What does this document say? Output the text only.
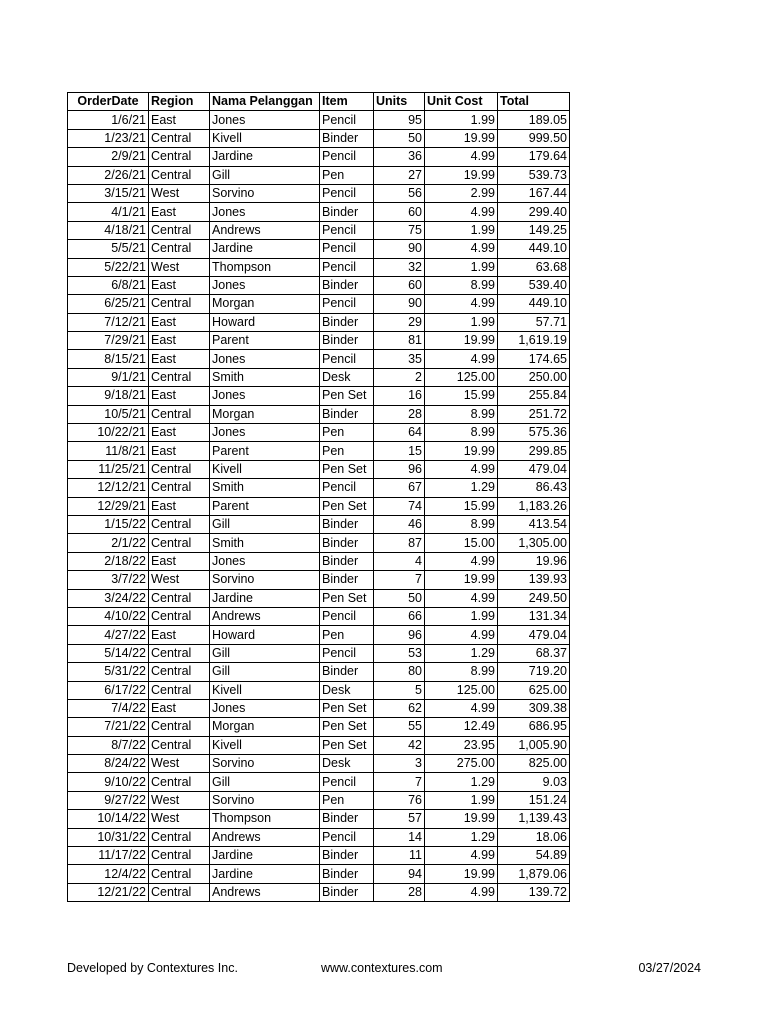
OrderDate	Region	Nama Pelanggan	Item	Units	Unit Cost	Total
1/6/21	East	Jones	Pencil	95	1.99	189.05
1/23/21	Central	Kivell	Binder	50	19.99	999.50
2/9/21	Central	Jardine	Pencil	36	4.99	179.64
2/26/21	Central	Gill	Pen	27	19.99	539.73
3/15/21	West	Sorvino	Pencil	56	2.99	167.44
4/1/21	East	Jones	Binder	60	4.99	299.40
4/18/21	Central	Andrews	Pencil	75	1.99	149.25
5/5/21	Central	Jardine	Pencil	90	4.99	449.10
5/22/21	West	Thompson	Pencil	32	1.99	63.68
6/8/21	East	Jones	Binder	60	8.99	539.40
6/25/21	Central	Morgan	Pencil	90	4.99	449.10
7/12/21	East	Howard	Binder	29	1.99	57.71
7/29/21	East	Parent	Binder	81	19.99	1,619.19
8/15/21	East	Jones	Pencil	35	4.99	174.65
9/1/21	Central	Smith	Desk	2	125.00	250.00
9/18/21	East	Jones	Pen Set	16	15.99	255.84
10/5/21	Central	Morgan	Binder	28	8.99	251.72
10/22/21	East	Jones	Pen	64	8.99	575.36
11/8/21	East	Parent	Pen	15	19.99	299.85
11/25/21	Central	Kivell	Pen Set	96	4.99	479.04
12/12/21	Central	Smith	Pencil	67	1.29	86.43
12/29/21	East	Parent	Pen Set	74	15.99	1,183.26
1/15/22	Central	Gill	Binder	46	8.99	413.54
2/1/22	Central	Smith	Binder	87	15.00	1,305.00
2/18/22	East	Jones	Binder	4	4.99	19.96
3/7/22	West	Sorvino	Binder	7	19.99	139.93
3/24/22	Central	Jardine	Pen Set	50	4.99	249.50
4/10/22	Central	Andrews	Pencil	66	1.99	131.34
4/27/22	East	Howard	Pen	96	4.99	479.04
5/14/22	Central	Gill	Pencil	53	1.29	68.37
5/31/22	Central	Gill	Binder	80	8.99	719.20
6/17/22	Central	Kivell	Desk	5	125.00	625.00
7/4/22	East	Jones	Pen Set	62	4.99	309.38
7/21/22	Central	Morgan	Pen Set	55	12.49	686.95
8/7/22	Central	Kivell	Pen Set	42	23.95	1,005.90
8/24/22	West	Sorvino	Desk	3	275.00	825.00
9/10/22	Central	Gill	Pencil	7	1.29	9.03
9/27/22	West	Sorvino	Pen	76	1.99	151.24
10/14/22	West	Thompson	Binder	57	19.99	1,139.43
10/31/22	Central	Andrews	Pencil	14	1.29	18.06
11/17/22	Central	Jardine	Binder	11	4.99	54.89
12/4/22	Central	Jardine	Binder	94	19.99	1,879.06
12/21/22	Central	Andrews	Binder	28	4.99	139.72
Developed by Contextures Inc.	www.contextures.com	03/27/2024
